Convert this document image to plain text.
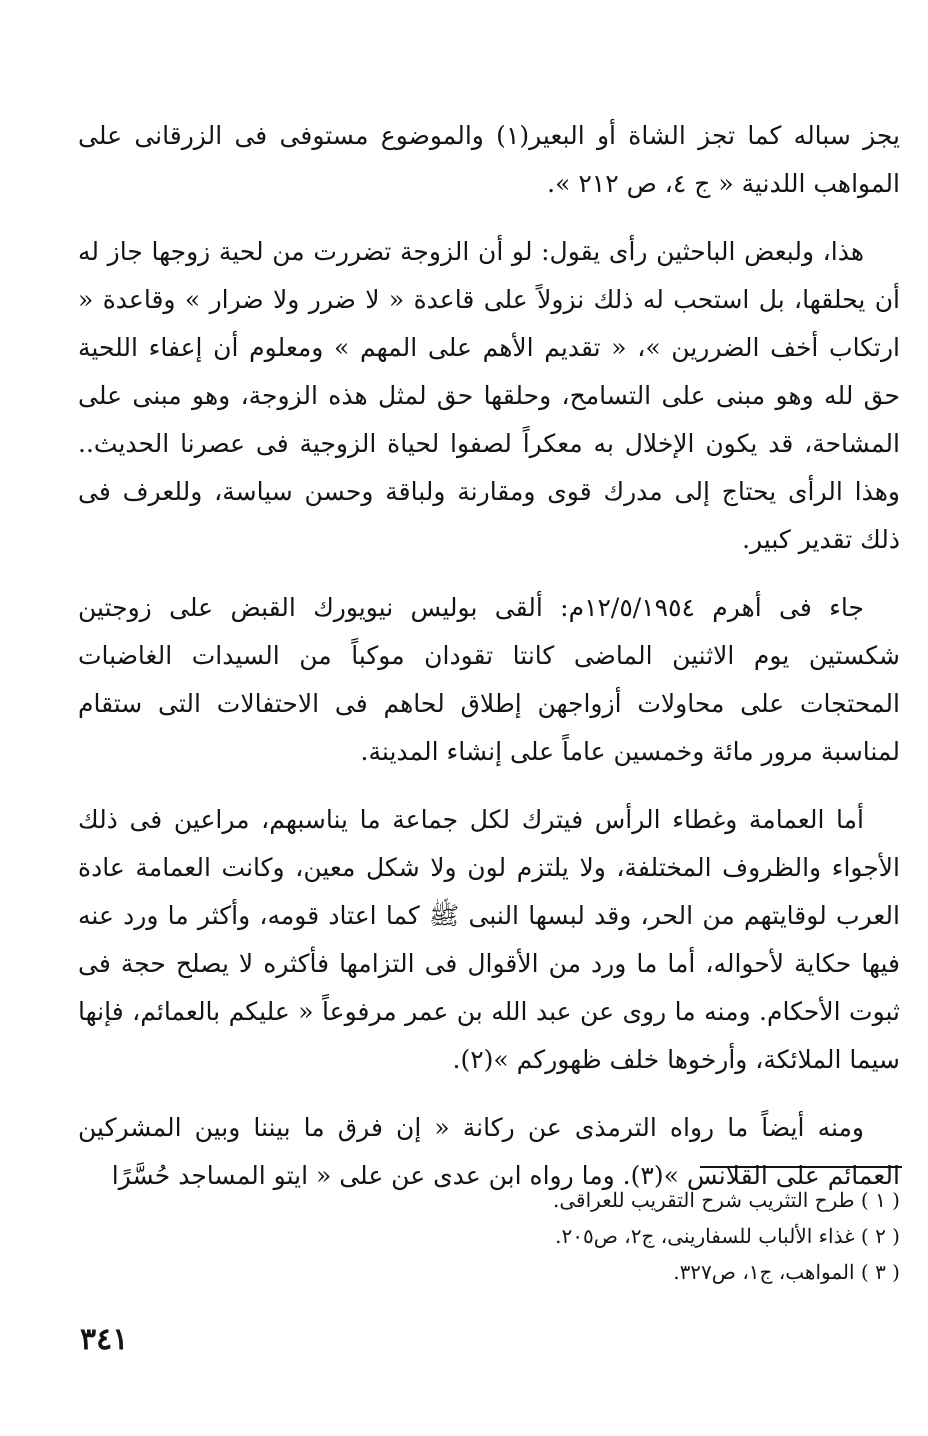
يجز سباله كما تجز الشاة أو البعير(١) والموضوع مستوفى فى الزرقانى على المواهب اللدنية « ج ٤، ص ٢١٢ ».

هذا، ولبعض الباحثين رأى يقول: لو أن الزوجة تضررت من لحية زوجها جاز له أن يحلقها، بل استحب له ذلك نزولاً على قاعدة « لا ضرر ولا ضرار » وقاعدة « ارتكاب أخف الضررين »، « تقديم الأهم على المهم » ومعلوم أن إعفاء اللحية حق لله وهو مبنى على التسامح، وحلقها حق لمثل هذه الزوجة، وهو مبنى على المشاحة، قد يكون الإخلال به معكراً لصفوا لحياة الزوجية فى عصرنا الحديث.. وهذا الرأى يحتاج إلى مدرك قوى ومقارنة ولباقة وحسن سياسة، وللعرف فى ذلك تقدير كبير.

جاء فى أهرم ١٢/٥/١٩٥٤م: ألقى بوليس نيويورك القبض على زوجتين شكستين يوم الاثنين الماضى كانتا تقودان موكباً من السيدات الغاضبات المحتجات على محاولات أزواجهن إطلاق لحاهم فى الاحتفالات التى ستقام لمناسبة مرور مائة وخمسين عاماً على إنشاء المدينة.

أما العمامة وغطاء الرأس فيترك لكل جماعة ما يناسبهم، مراعين فى ذلك الأجواء والظروف المختلفة، ولا يلتزم لون ولا شكل معين، وكانت العمامة عادة العرب لوقايتهم من الحر، وقد لبسها النبى ﷺ كما اعتاد قومه، وأكثر ما ورد عنه فيها حكاية لأحواله، أما ما ورد من الأقوال فى التزامها فأكثره لا يصلح حجة فى ثبوت الأحكام. ومنه ما روى عن عبد الله بن عمر مرفوعاً « عليكم بالعمائم، فإنها سيما الملائكة، وأرخوها خلف ظهوركم »(٢).

ومنه أيضاً ما رواه الترمذى عن ركانة « إن فرق ما بيننا وبين المشركين العمائم على القلانس »(٣). وما رواه ابن عدى عن على « ايتو المساجد حُسَّرًا

( ١ ) طرح التثريب شرح التقريب للعراقى.
( ٢ ) غذاء الألباب للسفارينى، ج٢، ص٢٠٥.
( ٣ ) المواهب، ج١، ص٣٢٧.
٣٤١
